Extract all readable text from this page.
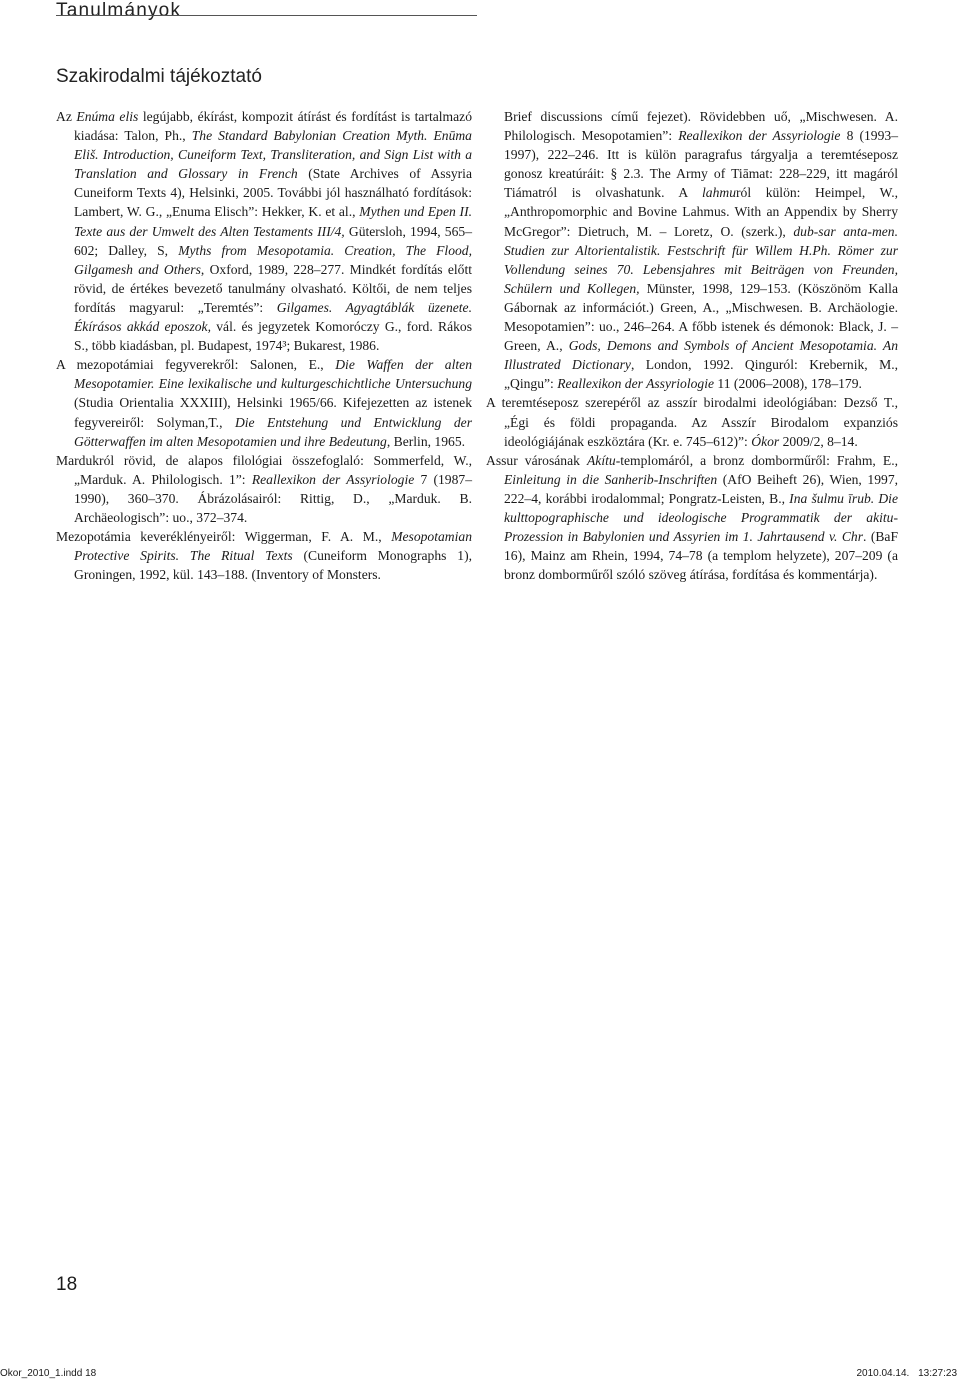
Tanulmányok
Szakirodalmi tájékoztató

Az Enúma elis legújabb, ékírást, kompozit átírást és fordítást is tartalmazó kiadása: Talon, Ph., The Standard Babylonian Creation Myth. Enūma Eliš. Introduction, Cuneiform Text, Transliteration, and Sign List with a Translation and Glossary in French (State Archives of Assyria Cuneiform Texts 4), Helsinki, 2005. További jól használható fordítások: Lambert, W. G., „Enuma Elisch”: Hekker, K. et al., Mythen und Epen II. Texte aus der Umwelt des Alten Testaments III/4, Gütersloh, 1994, 565–602; Dalley, S, Myths from Mesopotamia. Creation, The Flood, Gilgamesh and Others, Oxford, 1989, 228–277. Mindkét fordítás előtt rövid, de értékes bevezető tanulmány olvasható. Költői, de nem teljes fordítás magyarul: „Teremtés”: Gilgames. Agyagtáblák üzenete. Ékírásos akkád eposzok, vál. és jegyzetek Komoróczy G., ford. Rákos S., több kiadásban, pl. Budapest, 1974³; Bukarest, 1986.

A mezopotámiai fegyverekről: Salonen, E., Die Waffen der alten Mesopotamier. Eine lexikalische und kulturgeschichtliche Untersuchung (Studia Orientalia XXXIII), Helsinki 1965/66. Kifejezetten az istenek fegyvereiről: Solyman,T., Die Entstehung und Entwicklung der Götterwaffen im alten Mesopotamien und ihre Bedeutung, Berlin, 1965.

Mardukról rövid, de alapos filológiai összefoglaló: Sommerfeld, W., „Marduk. A. Philologisch. 1”: Reallexikon der Assyriologie 7 (1987–1990), 360–370. Ábrázolásairól: Rittig, D., „Marduk. B. Archäeologisch”: uo., 372–374.

Mezopotámia keveréklényeiről: Wiggerman, F. A. M., Mesopotamian Protective Spirits. The Ritual Texts (Cuneiform Monographs 1), Groningen, 1992, kül. 143–188. (Inventory of Monsters.

Brief discussions című fejezet). Rövidebben uő, „Mischwesen. A. Philologisch. Mesopotamien”: Reallexikon der Assyriologie 8 (1993–1997), 222–246. Itt is külön paragrafus tárgyalja a teremtéseposz gonosz kreatúráit: § 2.3. The Army of Tiāmat: 228–229, itt magáról Tiámatról is olvashatunk. A lahmuról külön: Heimpel, W., „Anthropomorphic and Bovine Lahmus. With an Appendix by Sherry McGregor”: Dietruch, M. – Loretz, O. (szerk.), dub-sar anta-men. Studien zur Altorientalistik. Festschrift für Willem H.Ph. Römer zur Vollendung seines 70. Lebensjahres mit Beiträgen von Freunden, Schülern und Kollegen, Münster, 1998, 129–153. (Köszönöm Kalla Gábornak az információt.) Green, A., „Mischwesen. B. Archäologie. Mesopotamien”: uo., 246–264. A főbb istenek és démonok: Black, J. – Green, A., Gods, Demons and Symbols of Ancient Mesopotamia. An Illustrated Dictionary, London, 1992. Qinguról: Krebernik, M., „Qingu”: Reallexikon der Assyriologie 11 (2006–2008), 178–179.

A teremtéseposz szerepéről az asszír birodalmi ideológiában: Dezső T., „Égi és földi propaganda. Az Asszír Birodalom expanziós ideológiájának eszköztára (Kr. e. 745–612)”: Ókor 2009/2, 8–14.

Assur városának Akítu-templomáról, a bronz domborműről: Frahm, E., Einleitung in die Sanherib-Inschriften (AfO Beiheft 26), Wien, 1997, 222–4, korábbi irodalommal; Pongratz-Leisten, B., Ina šulmu īrub. Die kulttopographische und ideologische Programmatik der akitu-Prozession in Babylonien und Assyrien im 1. Jahrtausend v. Chr. (BaF 16), Mainz am Rhein, 1994, 74–78 (a templom helyzete), 207–209 (a bronz domborműről szóló szöveg átírása, fordítása és kommentárja).

18
Okor_2010_1.indd 18	2010.04.14. 13:27:23
